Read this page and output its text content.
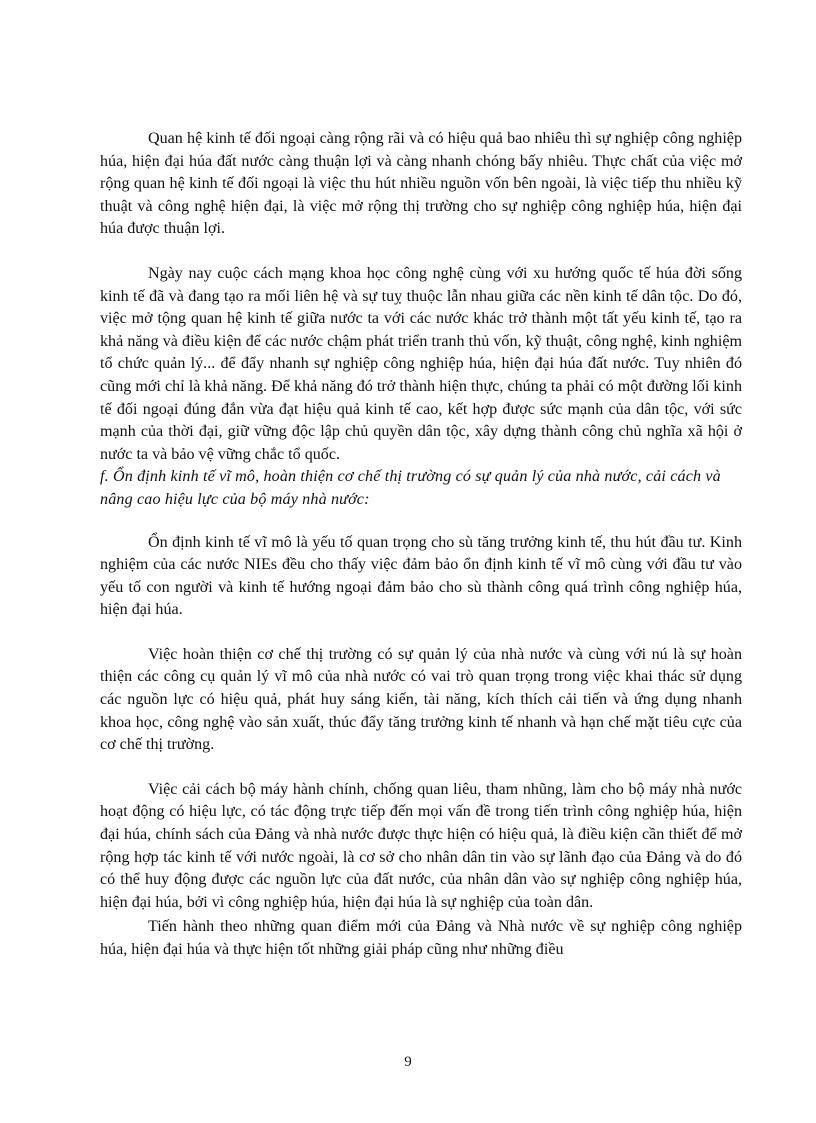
Quan hệ kinh tế đối ngoại càng rộng rãi và có hiệu quả bao nhiêu thì sự nghiệp công nghiệp húa, hiện đại húa đất nước càng thuận lợi và càng nhanh chóng bấy nhiêu. Thực chất của việc mở rộng quan hệ kinh tế đối ngoại là việc thu hút nhiều nguồn vốn bên ngoài, là việc tiếp thu nhiều kỹ thuật và công nghệ hiện đại, là việc mở rộng thị trường cho sự nghiệp công nghiệp húa, hiện đại húa được thuận lợi.

Ngày nay cuộc cách mạng khoa học công nghệ cùng với xu hướng quốc tế húa đời sống kinh tế đã và đang tạo ra mối liên hệ và sự tuỵ thuộc lẫn nhau giữa các nền kinh tế dân tộc. Do đó, việc mở tộng quan hệ kinh tế giữa nước ta với các nước khác trở thành một tất yếu kinh tế, tạo ra khả năng và điều kiện để các nước chậm phát triển tranh thủ vốn, kỹ thuật, công nghệ, kinh nghiệm tổ chức quản lý... để đẩy nhanh sự nghiệp công nghiệp húa, hiện đại húa đất nước. Tuy nhiên đó cũng mới chỉ là khả năng. Để khả năng đó trở thành hiện thực, chúng ta phải có một đường lối kinh tế đối ngoại đúng đắn vừa đạt hiệu quả kinh tế cao, kết hợp được sức mạnh của dân tộc, với sức mạnh của thời đại, giữ vững độc lập chủ quyền dân tộc, xây dựng thành công chủ nghĩa xã hội ở nước ta và bảo vệ vững chắc tổ quốc.

f. Ổn định kinh tế vĩ mô, hoàn thiện cơ chế thị trường có sự quản lý của nhà nước, cải cách và nâng cao hiệu lực của bộ máy nhà nước:

Ổn định kinh tế vĩ mô là yếu tố quan trọng cho sù tăng trưởng kinh tế, thu hút đầu tư. Kinh nghiệm của các nước NIEs đều cho thấy việc đảm bảo ổn định kinh tế vĩ mô cùng với đầu tư vào yếu tố con người và kinh tế hướng ngoại đảm bảo cho sù thành công quá trình công nghiệp húa, hiện đại húa.

Việc hoàn thiện cơ chế thị trường có sự quản lý của nhà nước và cùng với nú là sự hoàn thiện các công cụ quản lý vĩ mô của nhà nước có vai trò quan trọng trong việc khai thác sử dụng các nguồn lực có hiệu quả, phát huy sáng kiến, tài năng, kích thích cải tiến và ứng dụng nhanh khoa học, công nghệ vào sản xuất, thúc đẩy tăng trưởng kinh tế nhanh và hạn chế mặt tiêu cực của cơ chế thị trường.

Việc cải cách bộ máy hành chính, chống quan liêu, tham nhũng, làm cho bộ máy nhà nước hoạt động có hiệu lực, có tác động trực tiếp đến mọi vấn đề trong tiến trình công nghiệp húa, hiện đại húa, chính sách của Đảng và nhà nước được thực hiện có hiệu quả, là điều kiện cần thiết để mở rộng hợp tác kinh tế với nước ngoài, là cơ sở cho nhân dân tin vào sự lãnh đạo của Đảng và do đó có thể huy động được các nguồn lực của đất nước, của nhân dân vào sự nghiệp công nghiệp húa, hiện đại húa, bởi vì công nghiệp húa, hiện đại húa là sự nghiệp của toàn dân.

Tiến hành theo những quan điểm mới của Đảng và Nhà nước về sự nghiệp công nghiệp húa, hiện đại húa và thực hiện tốt những giải pháp cũng như những điều

9
